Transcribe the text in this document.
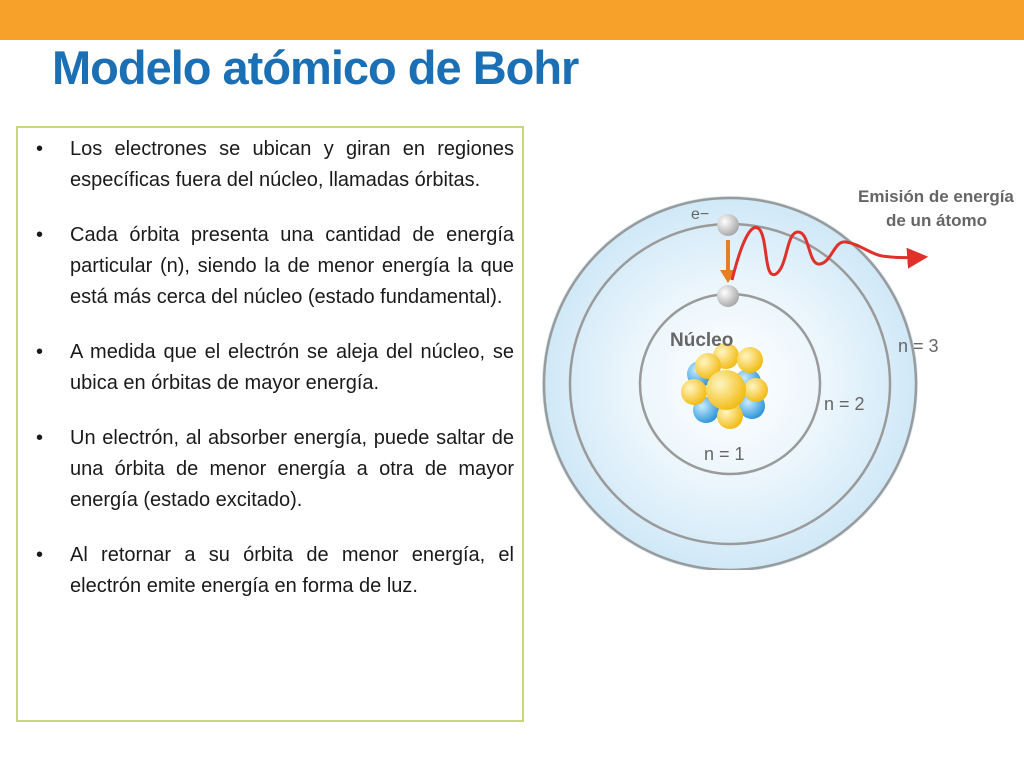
Modelo atómico de Bohr
• Los electrones se ubican y giran en regiones específicas fuera del núcleo, llamadas órbitas.
• Cada órbita presenta una cantidad de energía particular (n), siendo la de menor energía la que está más cerca del núcleo (estado fundamental).
• A medida que el electrón se aleja del núcleo, se ubica en órbitas de mayor energía.
• Un electrón, al absorber energía, puede saltar de una órbita de menor energía a otra de mayor energía (estado excitado).
• Al retornar a su órbita de menor energía, el electrón emite energía en forma de luz.
e−
Emisión de energía
de un átomo
Núcleo
n = 1
n = 2
n = 3
